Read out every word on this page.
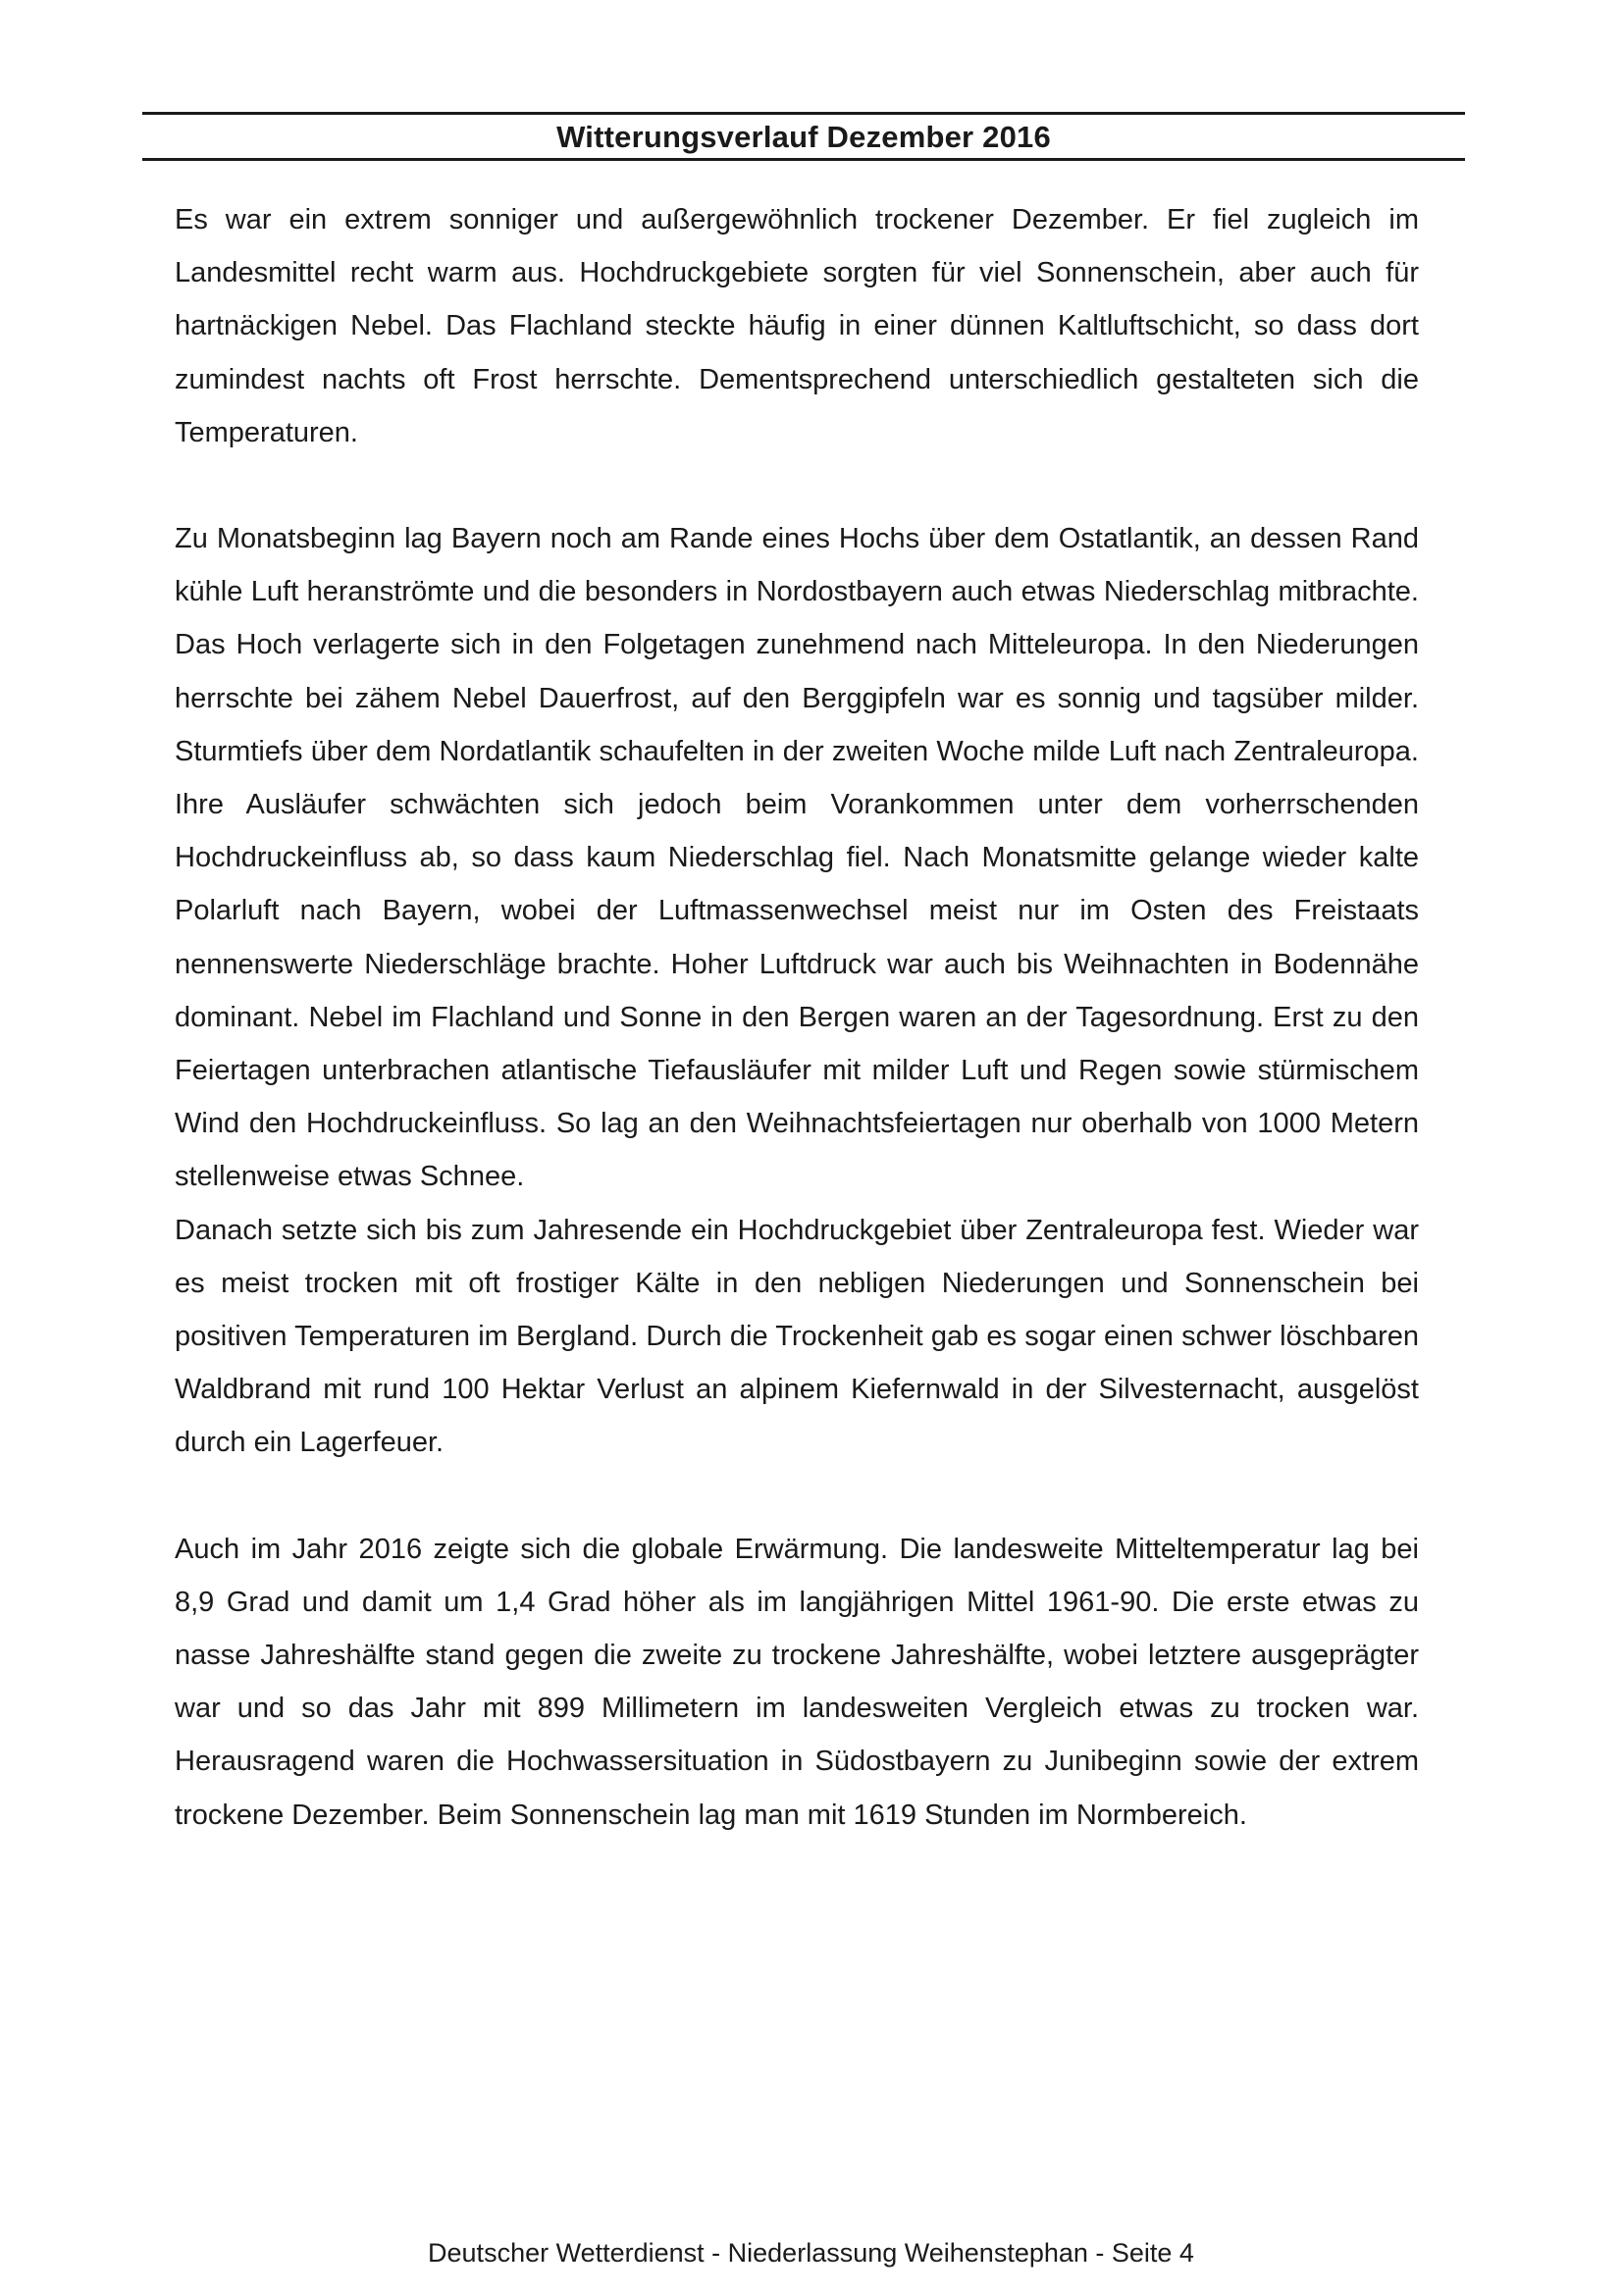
Witterungsverlauf Dezember 2016

Es war ein extrem sonniger und außergewöhnlich trockener Dezember. Er fiel zugleich im Landesmittel recht warm aus. Hochdruckgebiete sorgten für viel Sonnenschein, aber auch für hartnäckigen Nebel. Das Flachland steckte häufig in einer dünnen Kaltluftschicht, so dass dort zumindest nachts oft Frost herrschte. Dementsprechend unterschiedlich gestalteten sich die Temperaturen.

Zu Monatsbeginn lag Bayern noch am Rande eines Hochs über dem Ostatlantik, an dessen Rand kühle Luft heranströmte und die besonders in Nordostbayern auch etwas Niederschlag mitbrachte. Das Hoch verlagerte sich in den Folgetagen zunehmend nach Mitteleuropa. In den Niederungen herrschte bei zähem Nebel Dauerfrost, auf den Berggipfeln war es sonnig und tagsüber milder. Sturmtiefs über dem Nordatlantik schaufelten in der zweiten Woche milde Luft nach Zentraleuropa. Ihre Ausläufer schwächten sich jedoch beim Vorankommen unter dem vorherrschenden Hochdruckeinfluss ab, so dass kaum Niederschlag fiel. Nach Monatsmitte gelange wieder kalte Polarluft nach Bayern, wobei der Luftmassenwechsel meist nur im Osten des Freistaats nennenswerte Niederschläge brachte. Hoher Luftdruck war auch bis Weihnachten in Bodennähe dominant. Nebel im Flachland und Sonne in den Bergen waren an der Tagesordnung. Erst zu den Feiertagen unterbrachen atlantische Tiefausläufer mit milder Luft und Regen sowie stürmischem Wind den Hochdruckeinfluss. So lag an den Weihnachtsfeiertagen nur oberhalb von 1000 Metern stellenweise etwas Schnee.

Danach setzte sich bis zum Jahresende ein Hochdruckgebiet über Zentraleuropa fest. Wieder war es meist trocken mit oft frostiger Kälte in den nebligen Niederungen und Sonnenschein bei positiven Temperaturen im Bergland. Durch die Trockenheit gab es sogar einen schwer löschbaren Waldbrand mit rund 100 Hektar Verlust an alpinem Kiefernwald in der Silvesternacht, ausgelöst durch ein Lagerfeuer.

Auch im Jahr 2016 zeigte sich die globale Erwärmung. Die landesweite Mitteltemperatur lag bei 8,9 Grad und damit um 1,4 Grad höher als im langjährigen Mittel 1961-90. Die erste etwas zu nasse Jahreshälfte stand gegen die zweite zu trockene Jahreshälfte, wobei letztere ausgeprägter war und so das Jahr mit 899 Millimetern im landesweiten Vergleich etwas zu trocken war. Herausragend waren die Hochwassersituation in Südostbayern zu Junibeginn sowie der extrem trockene Dezember. Beim Sonnenschein lag man mit 1619 Stunden im Normbereich.

Deutscher Wetterdienst - Niederlassung Weihenstephan - Seite 4
